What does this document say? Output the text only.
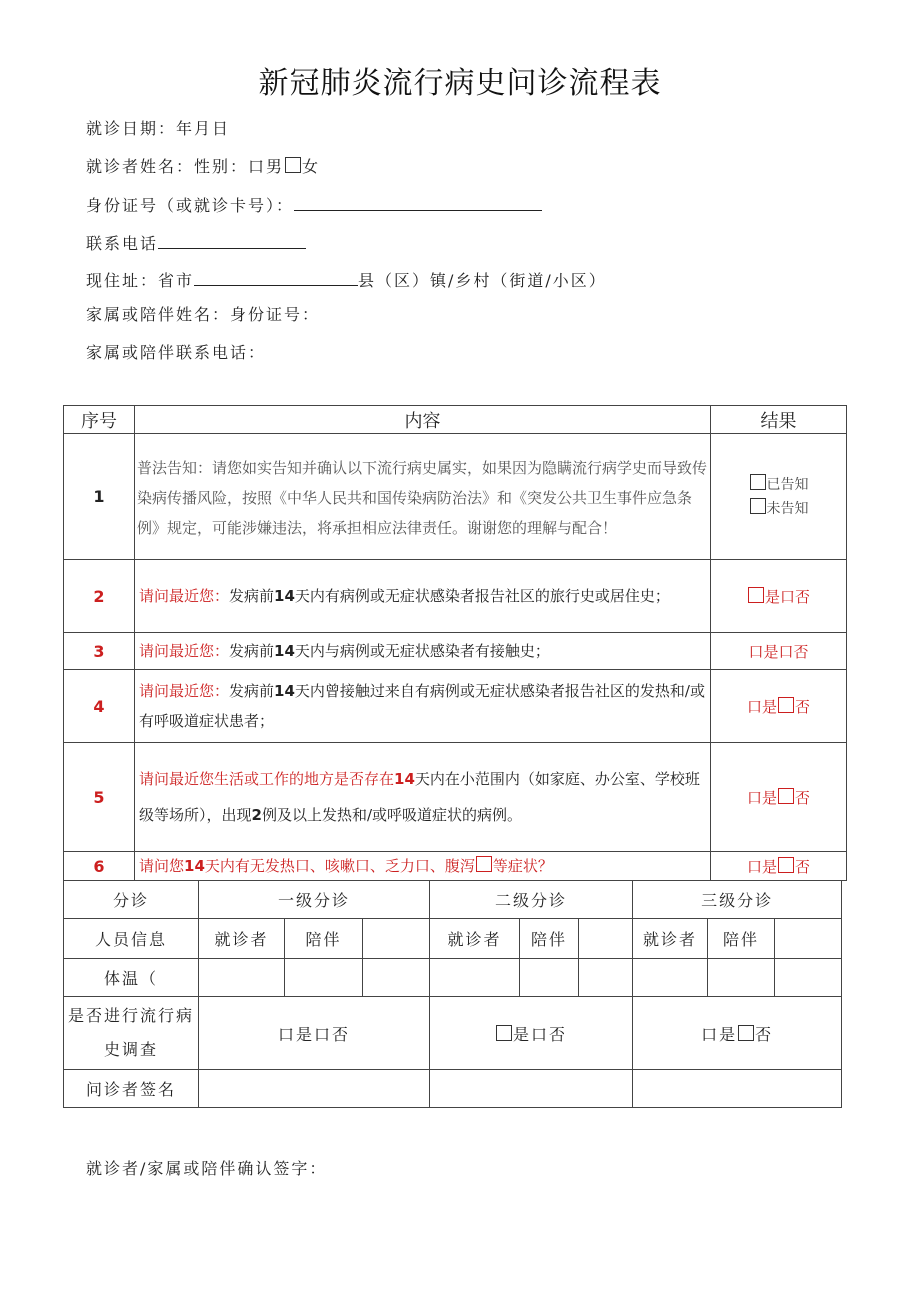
新冠肺炎流行病史问诊流程表
就诊日期：年月日
就诊者姓名：性别：口男 女
身份证号（或就诊卡号）：
联系电话
现住址：省市	县（区）镇/乡村（街道/小区）
家属或陪伴姓名：身份证号：
家属或陪伴联系电话：
序号	内容	结果
1	普法告知：请您如实告知并确认以下流行病史属实，如果因为隐瞒流行病学史而导致传染病传播风险，按照《中华人民共和国传染病防治法》和《突发公共卫生事件应急条例》规定，可能涉嫌违法，将承担相应法律责任。谢谢您的理解与配合！	已告知
未告知

2	请问最近您：发病前14天内有病例或无症状感染者报告社区的旅行史或居住史；	是口否
3	请问最近您：发病前14天内与病例或无症状感染者有接触史；	口是口否
4	请问最近您：发病前14天内曾接触过来自有病例或无症状感染者报告社区的发热和/或有呼吸道症状患者；	口是 否
5	请问最近您生活或工作的地方是否存在14天内在小范围内（如家庭、办公室、学校班级等场所），出现2例及以上发热和/或呼吸道症状的病例。	口是 否
6	请问您14天内有无发热口、咳嗽口、乏力口、腹泻 等症状？	口是 否
分诊	一级分诊			二级分诊			三级分诊		
人员信息	就诊者	陪伴		就诊者	陪伴		就诊者	陪伴	
体温（									
是否进行流行病史调查	口是口否			是口否			口是 否		
问诊者签名									
就诊者/家属或陪伴确认签字：
